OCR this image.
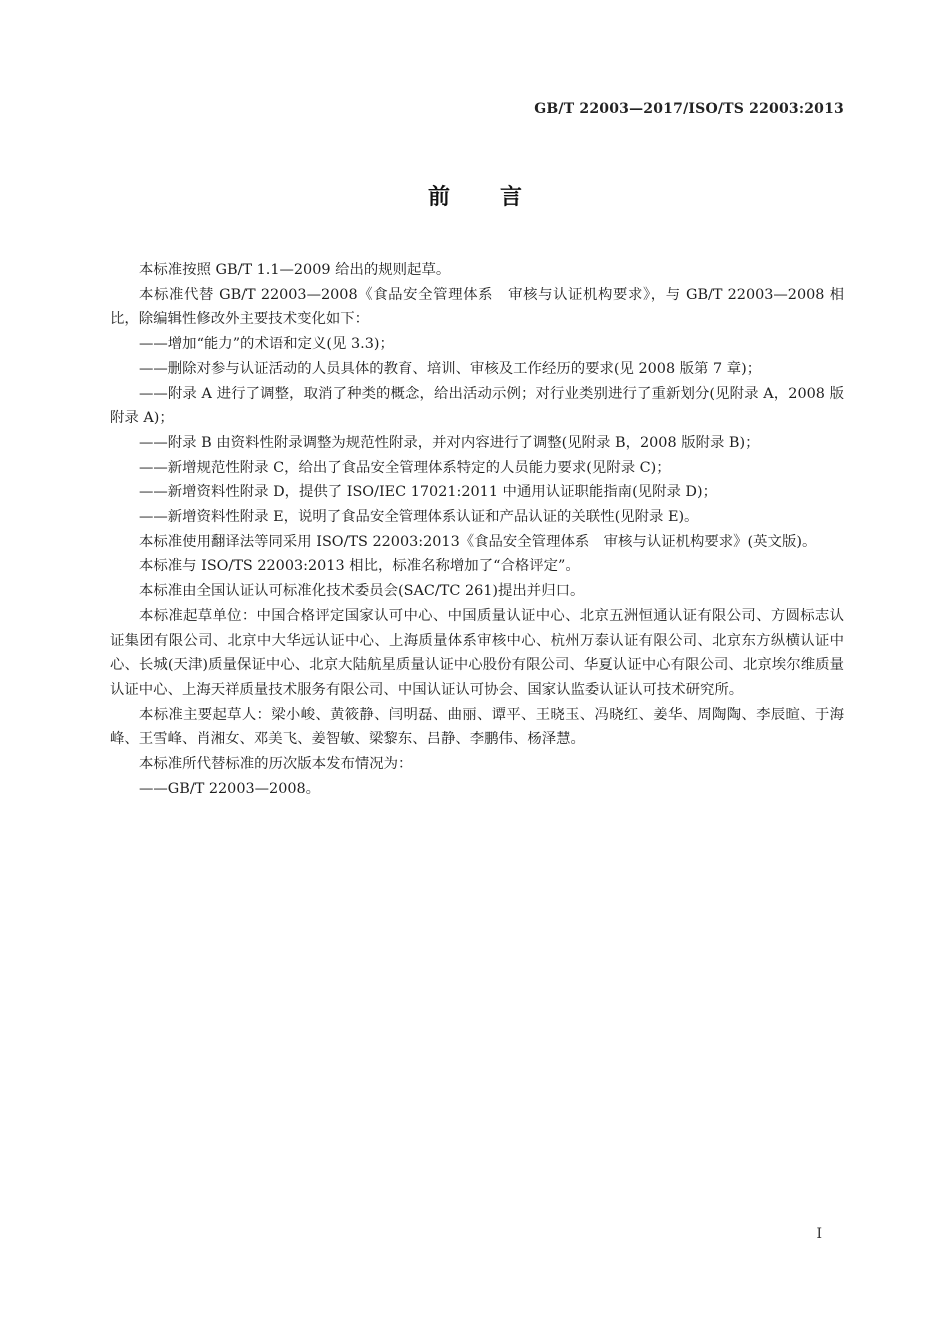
GB/T 22003—2017/ISO/TS 22003:2013
前言

本标准按照 GB/T 1.1—2009 给出的规则起草。

本标准代替 GB/T 22003—2008《食品安全管理体系　审核与认证机构要求》，与 GB/T 22003—2008 相比，除编辑性修改外主要技术变化如下：

——增加“能力”的术语和定义(见 3.3)；

——删除对参与认证活动的人员具体的教育、培训、审核及工作经历的要求(见 2008 版第 7 章)；

——附录 A 进行了调整，取消了种类的概念，给出活动示例；对行业类别进行了重新划分(见附录 A，2008 版附录 A)；

——附录 B 由资料性附录调整为规范性附录，并对内容进行了调整(见附录 B，2008 版附录 B)；

——新增规范性附录 C，给出了食品安全管理体系特定的人员能力要求(见附录 C)；

——新增资料性附录 D，提供了 ISO/IEC 17021:2011 中通用认证职能指南(见附录 D)；

——新增资料性附录 E，说明了食品安全管理体系认证和产品认证的关联性(见附录 E)。

本标准使用翻译法等同采用 ISO/TS 22003:2013《食品安全管理体系　审核与认证机构要求》(英文版)。

本标准与 ISO/TS 22003:2013 相比，标准名称增加了“合格评定”。

本标准由全国认证认可标准化技术委员会(SAC/TC 261)提出并归口。

本标准起草单位：中国合格评定国家认可中心、中国质量认证中心、北京五洲恒通认证有限公司、方圆标志认证集团有限公司、北京中大华远认证中心、上海质量体系审核中心、杭州万泰认证有限公司、北京东方纵横认证中心、长城(天津)质量保证中心、北京大陆航星质量认证中心股份有限公司、华夏认证中心有限公司、北京埃尔维质量认证中心、上海天祥质量技术服务有限公司、中国认证认可协会、国家认监委认证认可技术研究所。

本标准主要起草人：梁小峻、黄筱静、闫明磊、曲丽、谭平、王晓玉、冯晓红、姜华、周陶陶、李辰暄、于海峰、王雪峰、肖湘女、邓美飞、姜智敏、梁黎东、吕静、李鹏伟、杨泽慧。

本标准所代替标准的历次版本发布情况为：

——GB/T 22003—2008。

I
